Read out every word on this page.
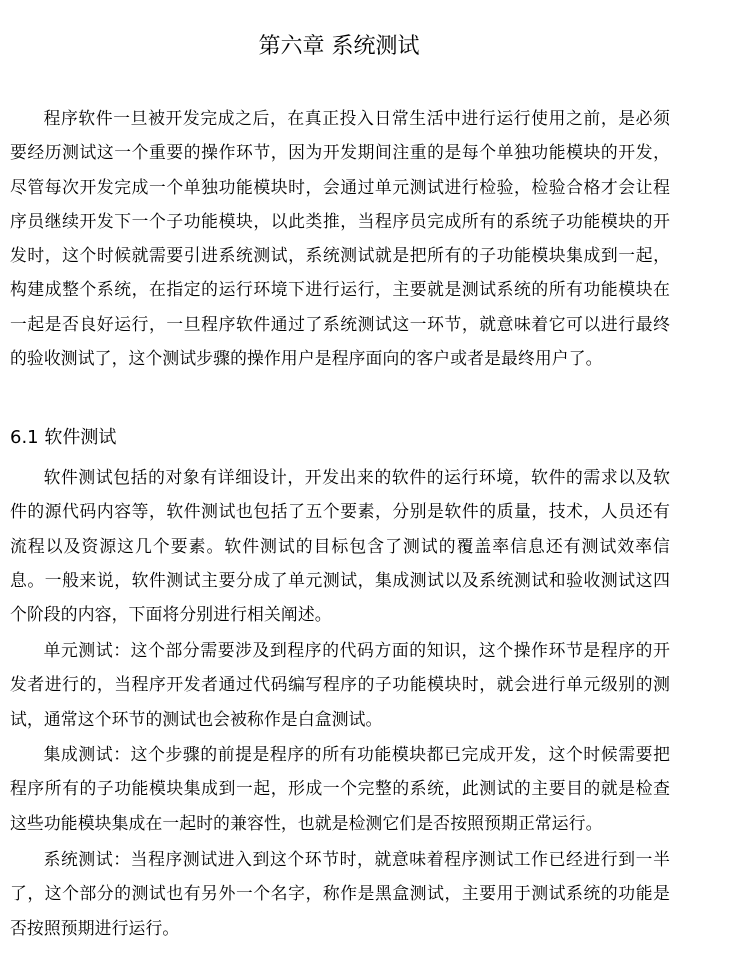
第六章 系统测试

程序软件一旦被开发完成之后，在真正投入日常生活中进行运行使用之前，是必须要经历测试这一个重要的操作环节，因为开发期间注重的是每个单独功能模块的开发，尽管每次开发完成一个单独功能模块时，会通过单元测试进行检验，检验合格才会让程序员继续开发下一个子功能模块，以此类推，当程序员完成所有的系统子功能模块的开发时，这个时候就需要引进系统测试，系统测试就是把所有的子功能模块集成到一起，构建成整个系统，在指定的运行环境下进行运行，主要就是测试系统的所有功能模块在一起是否良好运行，一旦程序软件通过了系统测试这一环节，就意味着它可以进行最终的验收测试了，这个测试步骤的操作用户是程序面向的客户或者是最终用户了。

6.1 软件测试

软件测试包括的对象有详细设计，开发出来的软件的运行环境，软件的需求以及软件的源代码内容等，软件测试也包括了五个要素，分别是软件的质量，技术，人员还有流程以及资源这几个要素。软件测试的目标包含了测试的覆盖率信息还有测试效率信息。一般来说，软件测试主要分成了单元测试，集成测试以及系统测试和验收测试这四个阶段的内容，下面将分别进行相关阐述。

单元测试：这个部分需要涉及到程序的代码方面的知识，这个操作环节是程序的开发者进行的，当程序开发者通过代码编写程序的子功能模块时，就会进行单元级别的测试，通常这个环节的测试也会被称作是白盒测试。

集成测试：这个步骤的前提是程序的所有功能模块都已完成开发，这个时候需要把程序所有的子功能模块集成到一起，形成一个完整的系统，此测试的主要目的就是检查这些功能模块集成在一起时的兼容性，也就是检测它们是否按照预期正常运行。

系统测试：当程序测试进入到这个环节时，就意味着程序测试工作已经进行到一半了，这个部分的测试也有另外一个名字，称作是黑盒测试，主要用于测试系统的功能是否按照预期进行运行。
